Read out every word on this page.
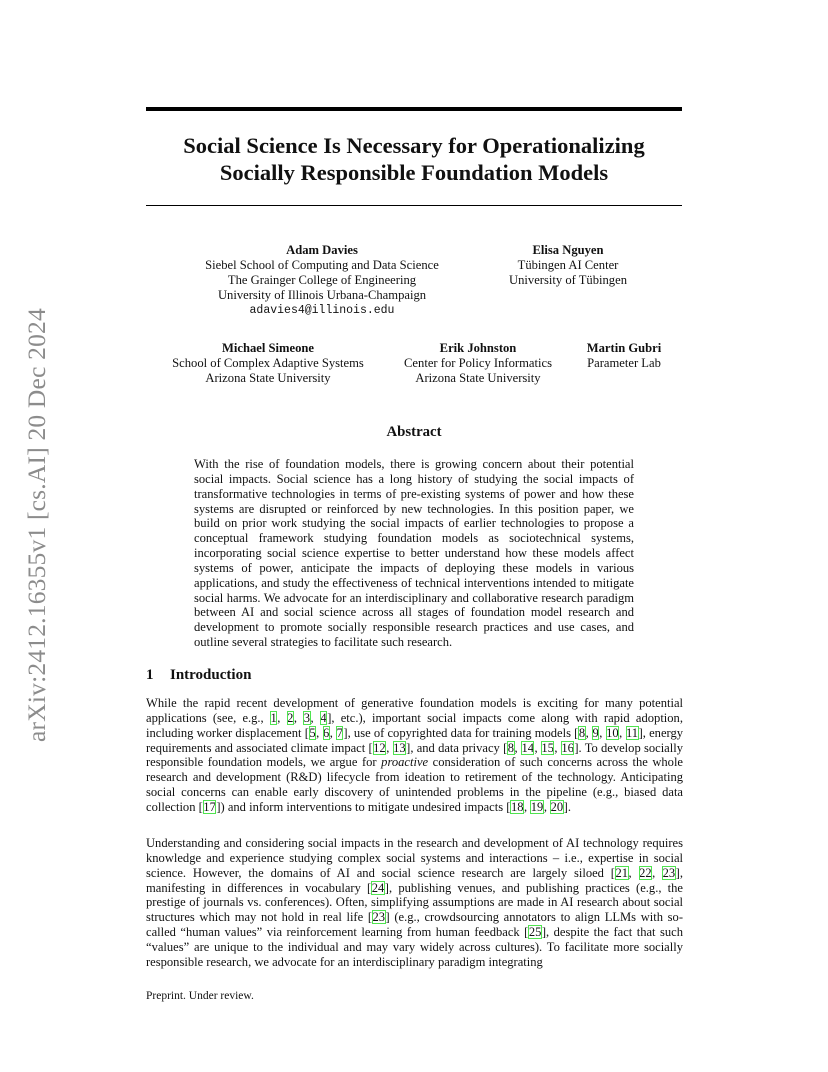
arXiv:2412.16355v1 [cs.AI] 20 Dec 2024
Social Science Is Necessary for Operationalizing
Socially Responsible Foundation Models
Adam Davies
Siebel School of Computing and Data Science
The Grainger College of Engineering
University of Illinois Urbana-Champaign
adavies4@illinois.edu
Elisa Nguyen
Tübingen AI Center
University of Tübingen
Michael Simeone
School of Complex Adaptive Systems
Arizona State University
Erik Johnston
Center for Policy Informatics
Arizona State University
Martin Gubri
Parameter Lab
Abstract
With the rise of foundation models, there is growing concern about their potential social impacts. Social science has a long history of studying the social impacts of transformative technologies in terms of pre-existing systems of power and how these systems are disrupted or reinforced by new technologies. In this position paper, we build on prior work studying the social impacts of earlier technologies to propose a conceptual framework studying foundation models as sociotechnical systems, incorporating social science expertise to better understand how these models affect systems of power, anticipate the impacts of deploying these models in various applications, and study the effectiveness of technical interventions intended to mitigate social harms. We advocate for an interdisciplinary and collaborative research paradigm between AI and social science across all stages of foundation model research and development to promote socially responsible research practices and use cases, and outline several strategies to facilitate such research.
1 Introduction
While the rapid recent development of generative foundation models is exciting for many potential applications (see, e.g., 1, 2, 3, 4], etc.), important social impacts come along with rapid adoption, including worker displacement [5, 6, 7], use of copyrighted data for training models [8, 9, 10, 11], energy requirements and associated climate impact [12, 13], and data privacy [8, 14, 15, 16]. To develop socially responsible foundation models, we argue for proactive consideration of such concerns across the whole research and development (R&D) lifecycle from ideation to retirement of the technology. Anticipating social concerns can enable early discovery of unintended problems in the pipeline (e.g., biased data collection [17]) and inform interventions to mitigate undesired impacts [18, 19, 20].
Understanding and considering social impacts in the research and development of AI technology requires knowledge and experience studying complex social systems and interactions – i.e., expertise in social science. However, the domains of AI and social science research are largely siloed [21, 22, 23], manifesting in differences in vocabulary [24], publishing venues, and publishing practices (e.g., the prestige of journals vs. conferences). Often, simplifying assumptions are made in AI research about social structures which may not hold in real life [23] (e.g., crowdsourcing annotators to align LLMs with so-called “human values” via reinforcement learning from human feedback [25], despite the fact that such “values” are unique to the individual and may vary widely across cultures). To facilitate more socially responsible research, we advocate for an interdisciplinary paradigm integrating
Preprint. Under review.
